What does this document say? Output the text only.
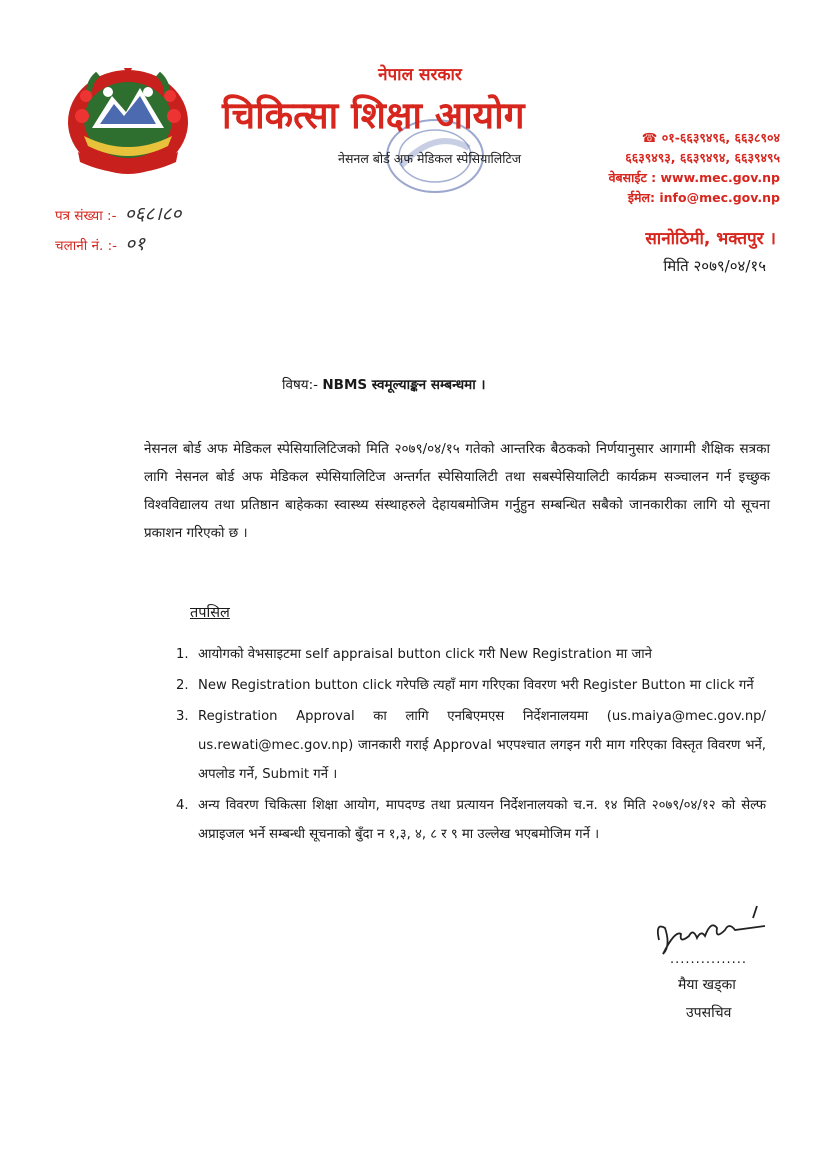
नेपाल सरकार
चिकित्सा शिक्षा आयोग
नेसनल बोर्ड अफ मेडिकल स्पेसियालिटिज
☎ ०१-६६३९४९६, ६६३८९०४
६६३९४९३, ६६३९४९४, ६६३९४९५
वेबसाईट : www.mec.gov.np
ईमेल: info@mec.gov.np
सानोठिमी, भक्तपुर ।
मिति २०७९/०४/१५
पत्र संख्या :- ०६८।८०
चलानी नं. :- ०१
विषय:- NBMS स्वमूल्याङ्कन सम्बन्धमा ।
नेसनल बोर्ड अफ मेडिकल स्पेसियालिटिजको मिति २०७९/०४/१५ गतेको आन्तरिक बैठकको निर्णयानुसार आगामी शैक्षिक सत्रका लागि नेसनल बोर्ड अफ मेडिकल स्पेसियालिटिज अन्तर्गत स्पेसियालिटी तथा सबस्पेसियालिटी कार्यक्रम सञ्चालन गर्न इच्छुक विश्वविद्यालय तथा प्रतिष्ठान बाहेकका स्वास्थ्य संस्थाहरुले देहायबमोजिम गर्नुहुन सम्बन्धित सबैको जानकारीका लागि यो सूचना प्रकाशन गरिएको छ ।
तपसिल
1. आयोगको वेभसाइटमा self appraisal button click गरी New Registration मा जाने
2. New Registration button click गरेपछि त्यहाँ माग गरिएका विवरण भरी Register Button मा click गर्ने
3. Registration Approval का लागि एनबिएमएस निर्देशनालयमा (us.maiya@mec.gov.np/ us.rewati@mec.gov.np) जानकारी गराई Approval भएपश्चात लगइन गरी माग गरिएका विस्तृत विवरण भर्ने, अपलोड गर्ने, Submit गर्ने ।
4. अन्य विवरण चिकित्सा शिक्षा आयोग, मापदण्ड तथा प्रत्यायन निर्देशनालयको च.न. १४ मिति २०७९/०४/१२ को सेल्फ अप्राइजल भर्ने सम्बन्धी सूचनाको बुँदा न १,३, ४, ८ र ९ मा उल्लेख भएबमोजिम गर्ने ।
...............
मैया खड्का
उपसचिव
